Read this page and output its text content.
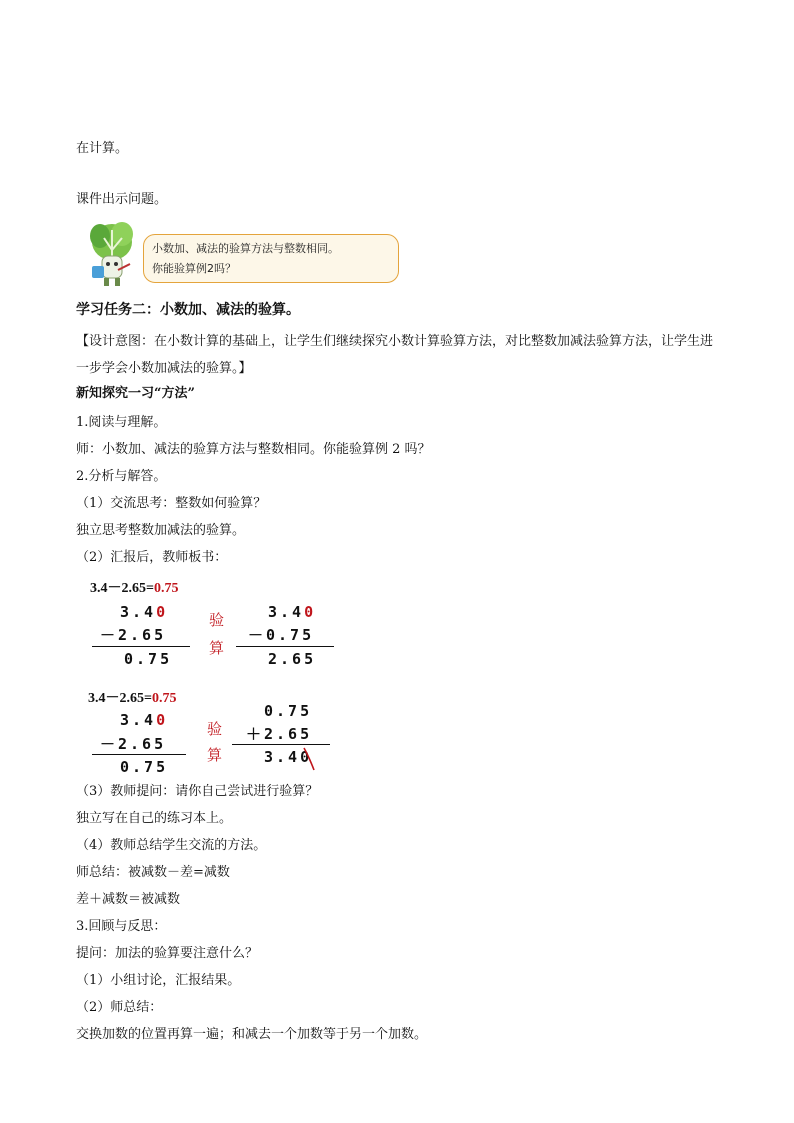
在计算。
课件出示问题。
小数加、减法的验算方法与整数相同。
你能验算例2吗？
学习任务二：小数加、减法的验算。
【设计意图：在小数计算的基础上，让学生们继续探究小数计算验算方法，对比整数加减法验算方法，让学生进一步学会小数加减法的验算。】
新知探究一习“方法”
1.阅读与理解。
师：小数加、减法的验算方法与整数相同。你能验算例 2 吗？
2.分析与解答。
（1）交流思考：整数如何验算？
独立思考整数加减法的验算。
（2）汇报后，教师板书：
3.4－2.65=0.75
3.40
－2.65
0.75
验
算
3.40
－0.75
2.65
3.4－2.65=0.75
3.40
－2.65
0.75
验
算
0.75
＋2.65
3.40
（3）教师提问：请你自己尝试进行验算？
独立写在自己的练习本上。
（4）教师总结学生交流的方法。
师总结：被减数－差=减数
差＋减数＝被减数
3.回顾与反思：
提问：加法的验算要注意什么？
（1）小组讨论，汇报结果。
（2）师总结：
交换加数的位置再算一遍；和减去一个加数等于另一个加数。
